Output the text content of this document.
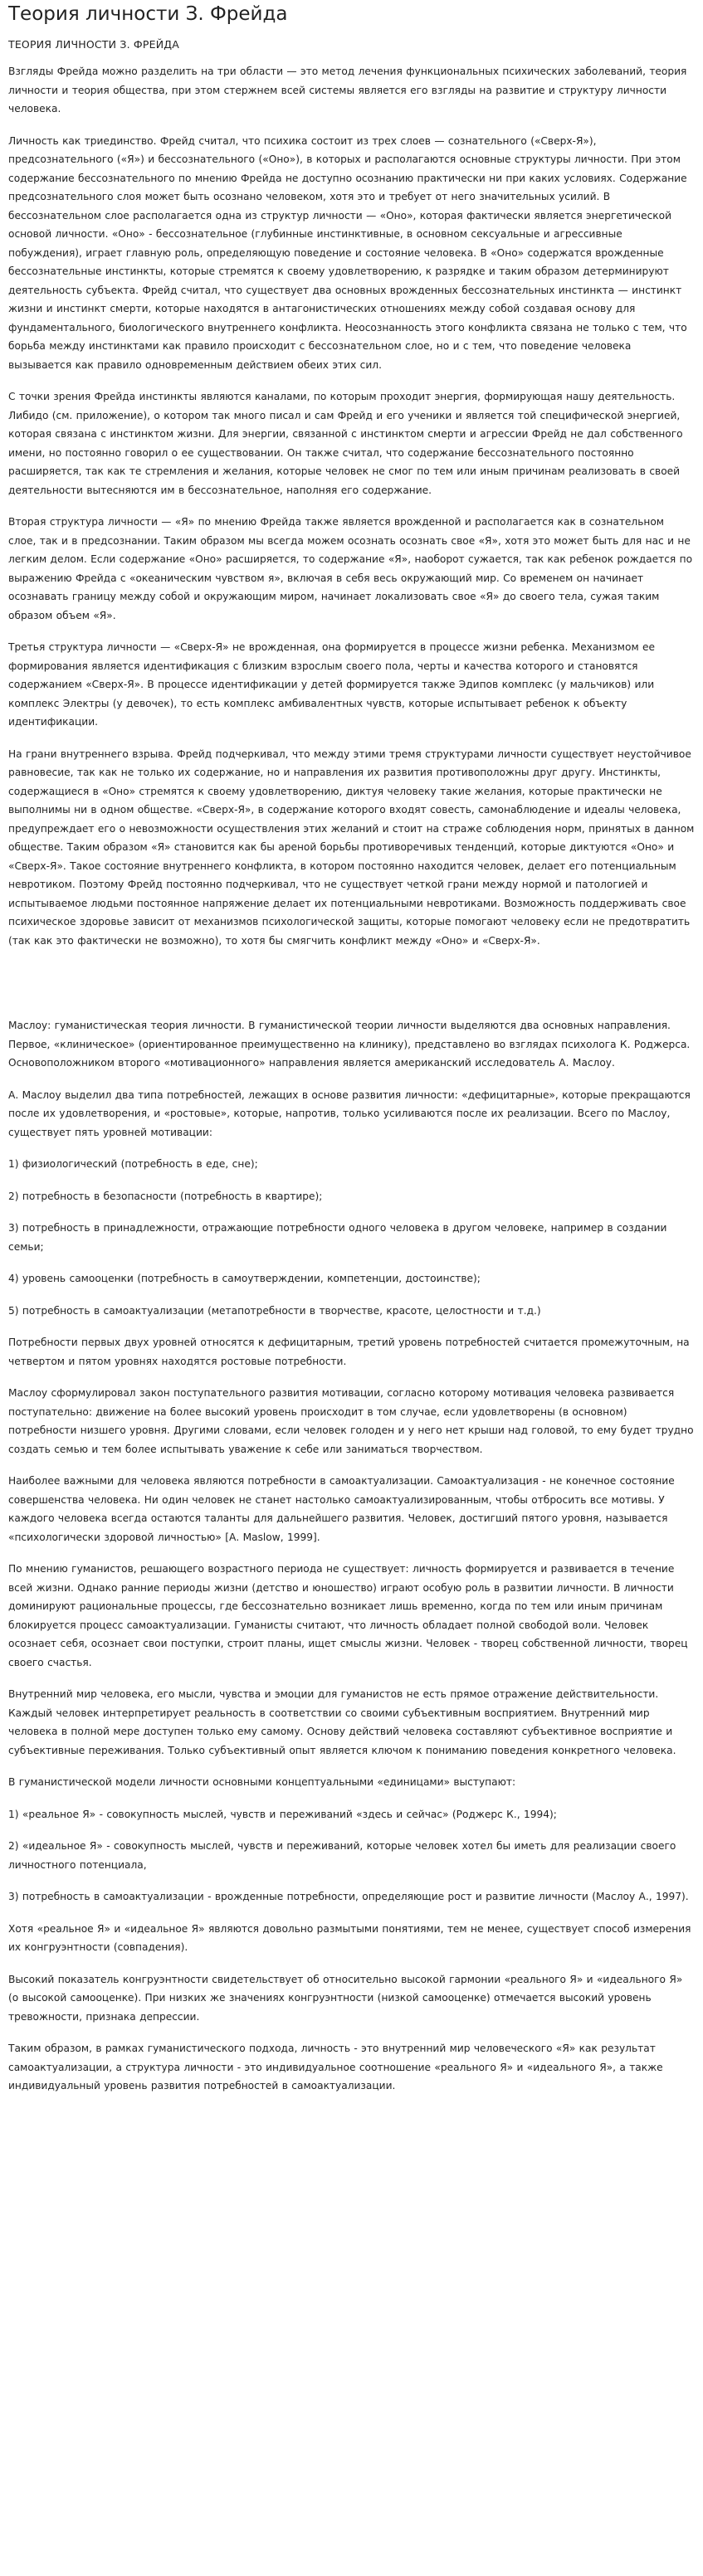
Теория личности З. Фрейда
ТЕОРИЯ ЛИЧНОСТИ З. ФРЕЙДА

Взгляды Фрейда можно разделить на три области — это метод лечения функциональных психических заболеваний, теория личности и теория общества, при этом стержнем всей системы является его взгляды на развитие и структуру личности человека.

Личность как триединство. Фрейд считал, что психика состоит из трех слоев — сознательного («Сверх-Я»), предсознательного («Я») и бессознательного («Оно»), в которых и располагаются основные структуры личности. При этом содержание бессознательного по мнению Фрейда не доступно осознанию практически ни при каких условиях. Содержание предсознательного слоя может быть осознано человеком, хотя это и требует от него значительных усилий. В бессознательном слое располагается одна из структур личности — «Оно», которая фактически является энергетической основой личности. «Оно» - бессознательное (глубинные инстинктивные, в основном сексуальные и агрессивные побуждения), играет главную роль, определяющую поведение и состояние человека. В «Оно» содержатся врожденные бессознательные инстинкты, которые стремятся к своему удовлетворению, к разрядке и таким образом детерминируют деятельность субъекта. Фрейд считал, что существует два основных врожденных бессознательных инстинкта — инстинкт жизни и инстинкт смерти, которые находятся в антагонистических отношениях между собой создавая основу для фундаментального, биологического внутреннего конфликта. Неосознанность этого конфликта связана не только с тем, что борьба между инстинктами как правило происходит с бессознательном слое, но и с тем, что поведение человека вызывается как правило одновременным действием обеих этих сил.

С точки зрения Фрейда инстинкты являются каналами, по которым проходит энергия, формирующая нашу деятельность. Либидо (см. приложение), о котором так много писал и сам Фрейд и его ученики и является той специфической энергией, которая связана с инстинктом жизни. Для энергии, связанной с инстинктом смерти и агрессии Фрейд не дал собственного имени, но постоянно говорил о ее существовании. Он также считал, что содержание бессознательного постоянно расширяется, так как те стремления и желания, которые человек не смог по тем или иным причинам реализовать в своей деятельности вытесняются им в бессознательное, наполняя его содержание.

Вторая структура личности — «Я» по мнению Фрейда также является врожденной и располагается как в сознательном слое, так и в предсознании. Таким образом мы всегда можем осознать осознать свое «Я», хотя это может быть для нас и не легким делом. Если содержание «Оно» расширяется, то содержание «Я», наоборот сужается, так как ребенок рождается по выражению Фрейда с «океаническим чувством я», включая в себя весь окружающий мир. Со временем он начинает осознавать границу между собой и окружающим миром, начинает локализовать свое «Я» до своего тела, сужая таким образом объем «Я».

Третья структура личности — «Сверх-Я» не врожденная, она формируется в процессе жизни ребенка. Механизмом ее формирования является идентификация с близким взрослым своего пола, черты и качества которого и становятся содержанием «Сверх-Я». В процессе идентификации у детей формируется также Эдипов комплекс (у мальчиков) или комплекс Электры (у девочек), то есть комплекс амбивалентных чувств, которые испытывает ребенок к объекту идентификации.

На грани внутреннего взрыва. Фрейд подчеркивал, что между этими тремя структурами личности существует неустойчивое равновесие, так как не только их содержание, но и направления их развития противоположны друг другу. Инстинкты, содержащиеся в «Оно» стремятся к своему удовлетворению, диктуя человеку такие желания, которые практически не выполнимы ни в одном обществе. «Сверх-Я», в содержание которого входят совесть, самонаблюдение и идеалы человека, предупреждает его о невозможности осуществления этих желаний и стоит на страже соблюдения норм, принятых в данном обществе. Таким образом «Я» становится как бы ареной борьбы противоречивых тенденций, которые диктуются «Оно» и «Сверх-Я». Такое состояние внутреннего конфликта, в котором постоянно находится человек, делает его потенциальным невротиком. Поэтому Фрейд постоянно подчеркивал, что не существует четкой грани между нормой и патологией и испытываемое людьми постоянное напряжение делает их потенциальными невротиками. Возможность поддерживать свое психическое здоровье зависит от механизмов психологической защиты, которые помогают человеку если не предотвратить (так как это фактически не возможно), то хотя бы смягчить конфликт между «Оно» и «Сверх-Я».

Маслоу: гуманистическая теория личности. В гуманистической теории личности выделяются два основных направления. Первое, «клиническое» (ориентированное преимущественно на клинику), представлено во взглядах психолога К. Роджерса. Основоположником второго «мотивационного» направления является американский исследователь А. Маслоу.

А. Маслоу выделил два типа потребностей, лежащих в основе развития личности: «дефицитарные», которые прекращаются после их удовлетворения, и «ростовые», которые, напротив, только усиливаются после их реализации. Всего по Маслоу, существует пять уровней мотивации:

1) физиологический (потребность в еде, сне);

2) потребность в безопасности (потребность в квартире);

3) потребность в принадлежности, отражающие потребности одного человека в другом человеке, например в создании семьи;

4) уровень самооценки (потребность в самоутверждении, компетенции, достоинстве);

5) потребность в самоактуализации (метапотребности в творчестве, красоте, целостности и т.д.)

Потребности первых двух уровней относятся к дефицитарным, третий уровень потребностей считается промежуточным, на четвертом и пятом уровнях находятся ростовые потребности.

Маслоу сформулировал закон поступательного развития мотивации, согласно которому мотивация человека развивается поступательно: движение на более высокий уровень происходит в том случае, если удовлетворены (в основном) потребности низшего уровня. Другими словами, если человек голоден и у него нет крыши над головой, то ему будет трудно создать семью и тем более испытывать уважение к себе или заниматься творчеством.

Наиболее важными для человека являются потребности в самоактуализации. Самоактуализация - не конечное состояние совершенства человека. Ни один человек не станет настолько самоактуализированным, чтобы отбросить все мотивы. У каждого человека всегда остаются таланты для дальнейшего развития. Человек, достигший пятого уровня, называется «психологически здоровой личностью» [А. Maslow, 1999].

По мнению гуманистов, решающего возрастного периода не существует: личность формируется и развивается в течение всей жизни. Однако ранние периоды жизни (детство и юношество) играют особую роль в развитии личности. В личности доминируют рациональные процессы, где бессознательно возникает лишь временно, когда по тем или иным причинам блокируется процесс самоактуализации. Гуманисты считают, что личность обладает полной свободой воли. Человек осознает себя, осознает свои поступки, строит планы, ищет смыслы жизни. Человек - творец собственной личности, творец своего счастья.

Внутренний мир человека, его мысли, чувства и эмоции для гуманистов не есть прямое отражение действительности. Каждый человек интерпретирует реальность в соответствии со своими субъективным восприятием. Внутренний мир человека в полной мере доступен только ему самому. Основу действий человека составляют субъективное восприятие и субъективные переживания. Только субъективный опыт является ключом к пониманию поведения конкретного человека.

В гуманистической модели личности основными концептуальными «единицами» выступают:

1) «реальное Я» - совокупность мыслей, чувств и переживаний «здесь и сейчас» (Роджерс К., 1994);

2) «идеальное Я» - совокупность мыслей, чувств и переживаний, которые человек хотел бы иметь для реализации своего личностного потенциала,

3) потребность в самоактуализации - врожденные потребности, определяющие рост и развитие личности (Маслоу А., 1997).

Хотя «реальное Я» и «идеальное Я» являются довольно размытыми понятиями, тем не менее, существует способ измерения их конгруэнтности (совпадения).

Высокий показатель конгруэнтности свидетельствует об относительно высокой гармонии «реального Я» и «идеального Я» (о высокой самооценке). При низких же значениях конгруэнтности (низкой самооценке) отмечается высокий уровень тревожности, признака депрессии.

Таким образом, в рамках гуманистического подхода, личность - это внутренний мир человеческого «Я» как результат самоактуализации, а структура личности - это индивидуальное соотношение «реального Я» и «идеального Я», а также индивидуальный уровень развития потребностей в самоактуализации.
